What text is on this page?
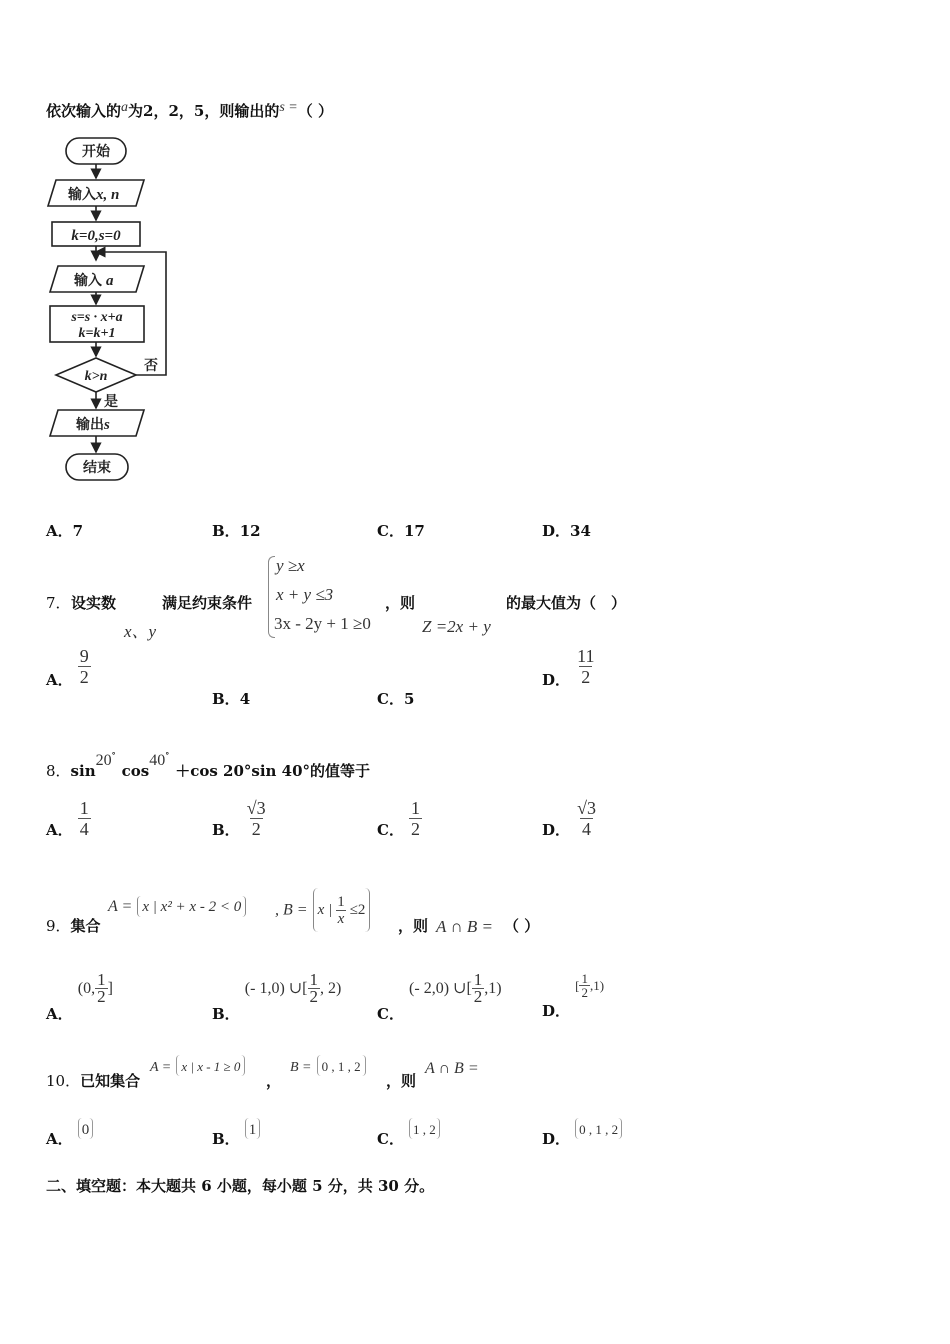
依次输入的a为2，2，5，则输出的s =（ ）
开始
输入x, n
k=0,s=0
输入 a
s=s · x+a
k=k+1
k>n
否
是
输出s
结束
A．7	B．12	C．17	D．34
7． 设实数
x、y
满足约束条件
y ≥x
x + y ≤3
3x - 2y + 1 ≥0
，则
Z =2x + y
的最大值为（　）
A． $\frac{9}{2}$
B．4	C．5
D． $\frac{11}{2}$
8．sin20°cos40°＋cos 20°sin 40°的值等于
A． $\frac{1}{4}$	B． $\frac{√3}{2}$	C． $\frac{1}{2}$	D． $\frac{√3}{4}$
9．集合
A = x | x² + x - 2 < 0	, B = x | $\frac{1}{x} \le 2$
，则 A ∩ B = （ ）
A． (0, $\frac{1}{2}$ ]
B． (- 1,0) ∪[ $\frac{1}{2}$ , 2)
C． (- 2,0) ∪[ $\frac{1}{2} ,1$)
D． [ $\frac{1}{2} ,1$)
10．已知集合
A = x | x - 1 ≥ 0
，
B = 0 , 1 , 2
，则
A ∩ B =
A． 0	B． 1	C． 1 , 2
D． 0 , 1 , 2
二、填空题：本大题共 6 小题，每小题 5 分，共 30 分。
